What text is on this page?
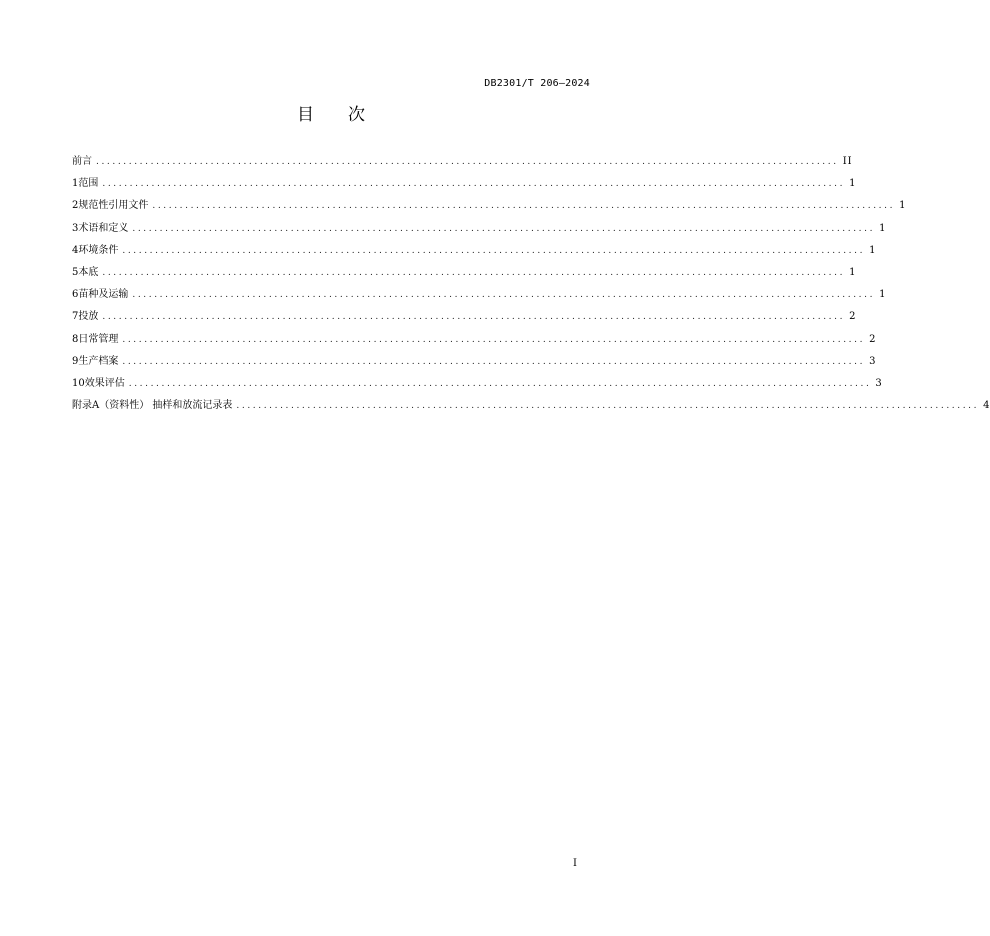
DB2301/T 206—2024
目次
前言 ........................................................................................................................................ II
1 范围 ........................................................................................................................................ 1
2 规范性引用文件 ........................................................................................................................................ 1
3 术语和定义 ........................................................................................................................................ 1
4 环境条件 ........................................................................................................................................ 1
5 本底 ........................................................................................................................................ 1
6 苗种及运输 ........................................................................................................................................ 1
7 投放 ........................................................................................................................................ 2
8 日常管理 ........................................................................................................................................ 2
9 生产档案 ........................................................................................................................................ 3
10 效果评估 ........................................................................................................................................ 3
附录A（资料性） 抽样和放流记录表 ........................................................................................................................................ 4
I
